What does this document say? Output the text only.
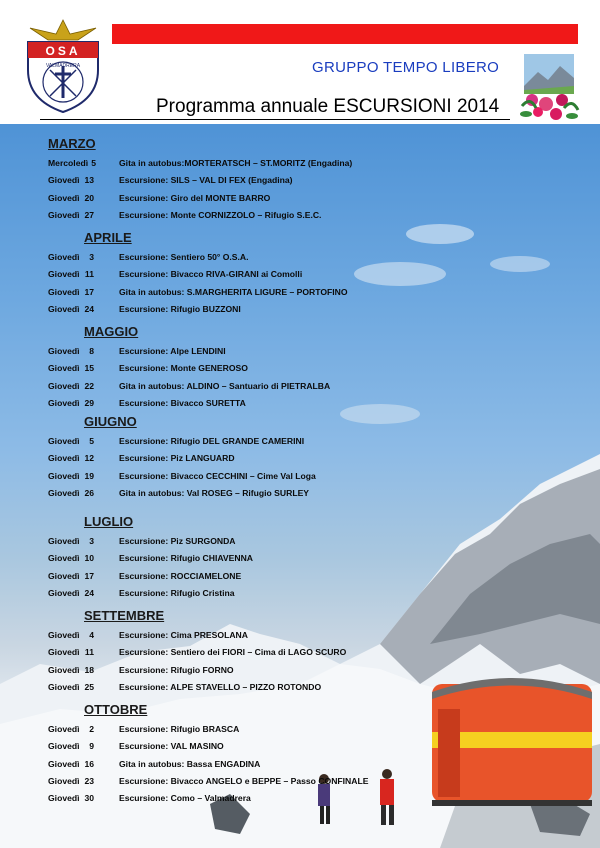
OSA
VALMADRERA	GRUPPO TEMPO LIBERO
Programma annuale ESCURSIONI 2014
MARZO
Mercoledì 5	Gita in autobus:MORTERATSCH – ST.MORITZ (Engadina)
Giovedì 13	Escursione: SILS – VAL DI FEX (Engadina)
Giovedì 20	Escursione: Giro del MONTE BARRO
Giovedì 27	Escursione: Monte CORNIZZOLO – Rifugio S.E.C.
APRILE
Giovedì	3	Escursione: Sentiero 50° O.S.A.
Giovedì 11	Escursione: Bivacco RIVA-GIRANI ai Comolli
Giovedì 17	Gita in autobus: S.MARGHERITA LIGURE – PORTOFINO
Giovedì 24	Escursione: Rifugio BUZZONI
MAGGIO
Giovedì	8	Escursione: Alpe LENDINI
Giovedì 15	Escursione: Monte GENEROSO
Giovedì 22	Gita in autobus: ALDINO – Santuario di PIETRALBA
Giovedì 29	Escursione: Bivacco SURETTA
GIUGNO
Giovedì	5	Escursione: Rifugio DEL GRANDE CAMERINI
Giovedì 12	Escursione: Piz LANGUARD
Giovedì 19	Escursione: Bivacco CECCHINI – Cime Val Loga
Giovedì 26	Gita in autobus: Val ROSEG – Rifugio SURLEY
LUGLIO
Giovedì	3	Escursione: Piz SURGONDA
Giovedì 10	Escursione: Rifugio CHIAVENNA
Giovedì 17	Escursione: ROCCIAMELONE
Giovedì 24	Escursione: Rifugio Cristina
SETTEMBRE
Giovedì	4	Escursione: Cima PRESOLANA
Giovedì 11	Escursione: Sentiero dei FIORI – Cima di LAGO SCURO
Giovedì 18	Escursione: Rifugio FORNO
Giovedì 25	Escursione: ALPE STAVELLO – PIZZO ROTONDO
OTTOBRE
Giovedì	2	Escursione: Rifugio BRASCA
Giovedì	9	Escursione: VAL MASINO
Giovedì 16	Gita in autobus: Bassa ENGADINA
Giovedì 23	Escursione: Bivacco ANGELO e BEPPE – Passo CONFINALE
Giovedì 30	Escursione: Como – Valmadrera
